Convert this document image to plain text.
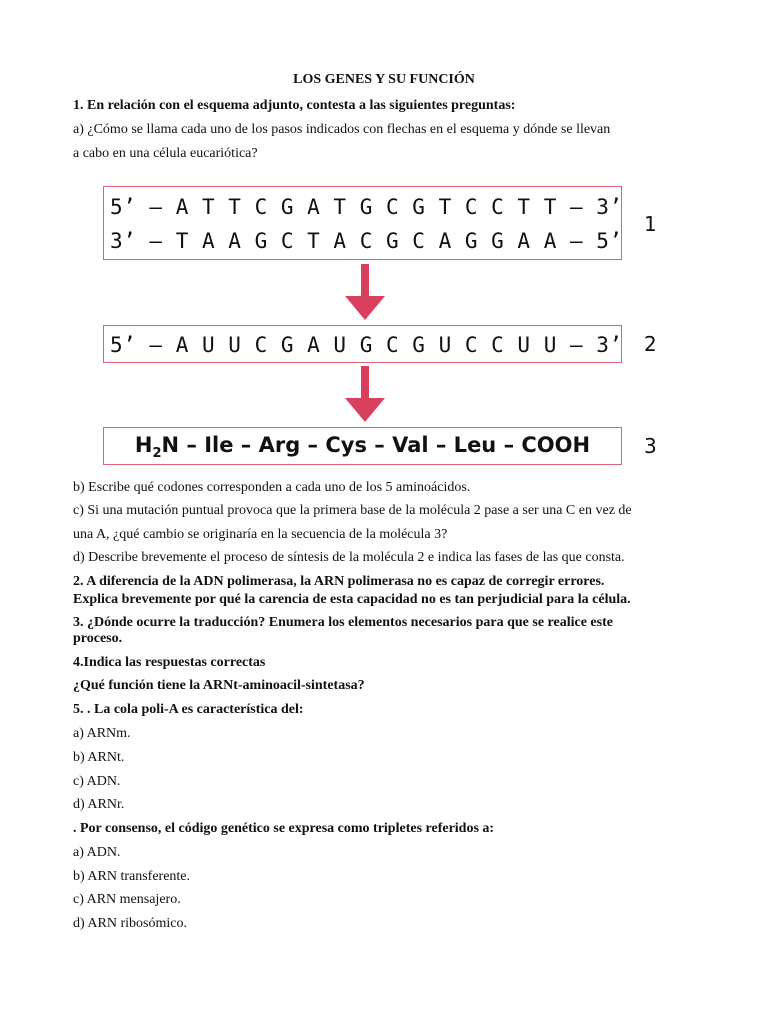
LOS GENES Y SU FUNCIÓN
1. En relación con el esquema adjunto, contesta a las siguientes preguntas:
a) ¿Cómo se llama cada uno de los pasos indicados con flechas en el esquema y dónde se llevan
a cabo en una célula eucariótica?
5’ – A T T C G A T G C G T C C T T – 3’
3’ – T A A G C T A C G C A G G A A – 5’
1
5’ – A U U C G A U G C G U C C U U – 3’ 2
$H_2N$ – Ile – Arg – Cys – Val – Leu – COOH	3
b) Escribe qué codones corresponden a cada uno de los 5 aminoácidos.
c) Si una mutación puntual provoca que la primera base de la molécula 2 pase a ser una C en vez de
una A, ¿qué cambio se originaría en la secuencia de la molécula 3?
d) Describe brevemente el proceso de síntesis de la molécula 2 e indica las fases de las que consta.
2. A diferencia de la ADN polimerasa, la ARN polimerasa no es capaz de corregir errores.
Explica brevemente por qué la carencia de esta capacidad no es tan perjudicial para la célula.
3. ¿Dónde ocurre la traducción? Enumera los elementos necesarios para que se realice este
proceso.
4.Indica las respuestas correctas
¿Qué función tiene la ARNt-aminoacil-sintetasa?
5. . La cola poli-A es característica del:
a) ARNm.
b) ARNt.
c) ADN.
d) ARNr.
. Por consenso, el código genético se expresa como tripletes referidos a:
a) ADN.
b) ARN transferente.
c) ARN mensajero.
d) ARN ribosómico.
